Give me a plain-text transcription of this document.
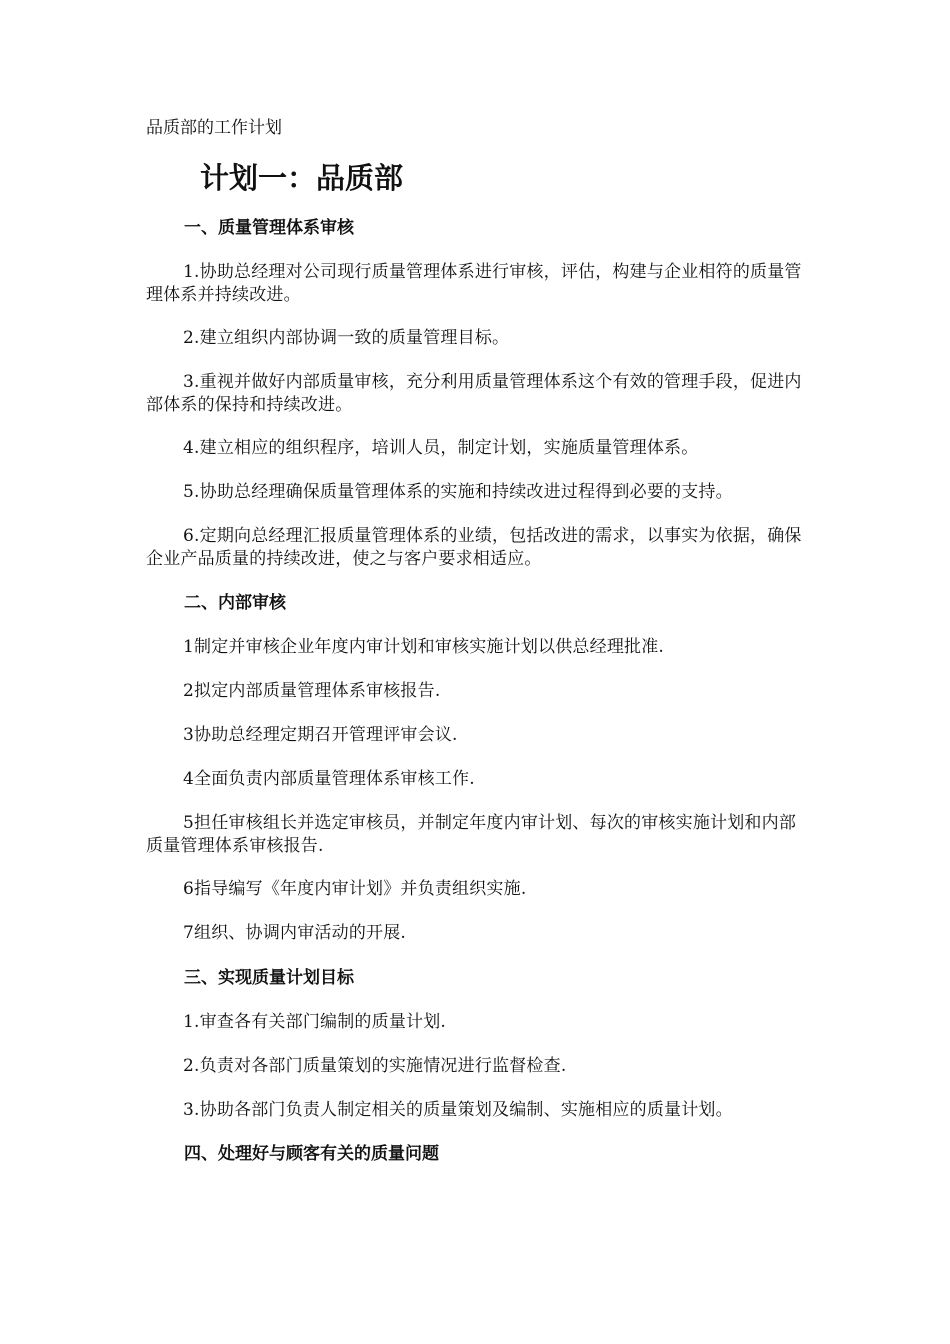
品质部的工作计划
计划一：品质部
一、质量管理体系审核
1.协助总经理对公司现行质量管理体系进行审核，评估，构建与企业相符的质量管理体系并持续改进。
2.建立组织内部协调一致的质量管理目标。
3.重视并做好内部质量审核，充分利用质量管理体系这个有效的管理手段，促进内部体系的保持和持续改进。
4.建立相应的组织程序，培训人员，制定计划，实施质量管理体系。
5.协助总经理确保质量管理体系的实施和持续改进过程得到必要的支持。
6.定期向总经理汇报质量管理体系的业绩，包括改进的需求，以事实为依据，确保企业产品质量的持续改进，使之与客户要求相适应。
二、内部审核
1制定并审核企业年度内审计划和审核实施计划以供总经理批准.
2拟定内部质量管理体系审核报告.
3协助总经理定期召开管理评审会议.
4全面负责内部质量管理体系审核工作.
5担任审核组长并选定审核员，并制定年度内审计划、每次的审核实施计划和内部质量管理体系审核报告.
6指导编写《年度内审计划》并负责组织实施.
7组织、协调内审活动的开展.
三、实现质量计划目标
1.审查各有关部门编制的质量计划.
2.负责对各部门质量策划的实施情况进行监督检查.
3.协助各部门负责人制定相关的质量策划及编制、实施相应的质量计划。
四、处理好与顾客有关的质量问题
